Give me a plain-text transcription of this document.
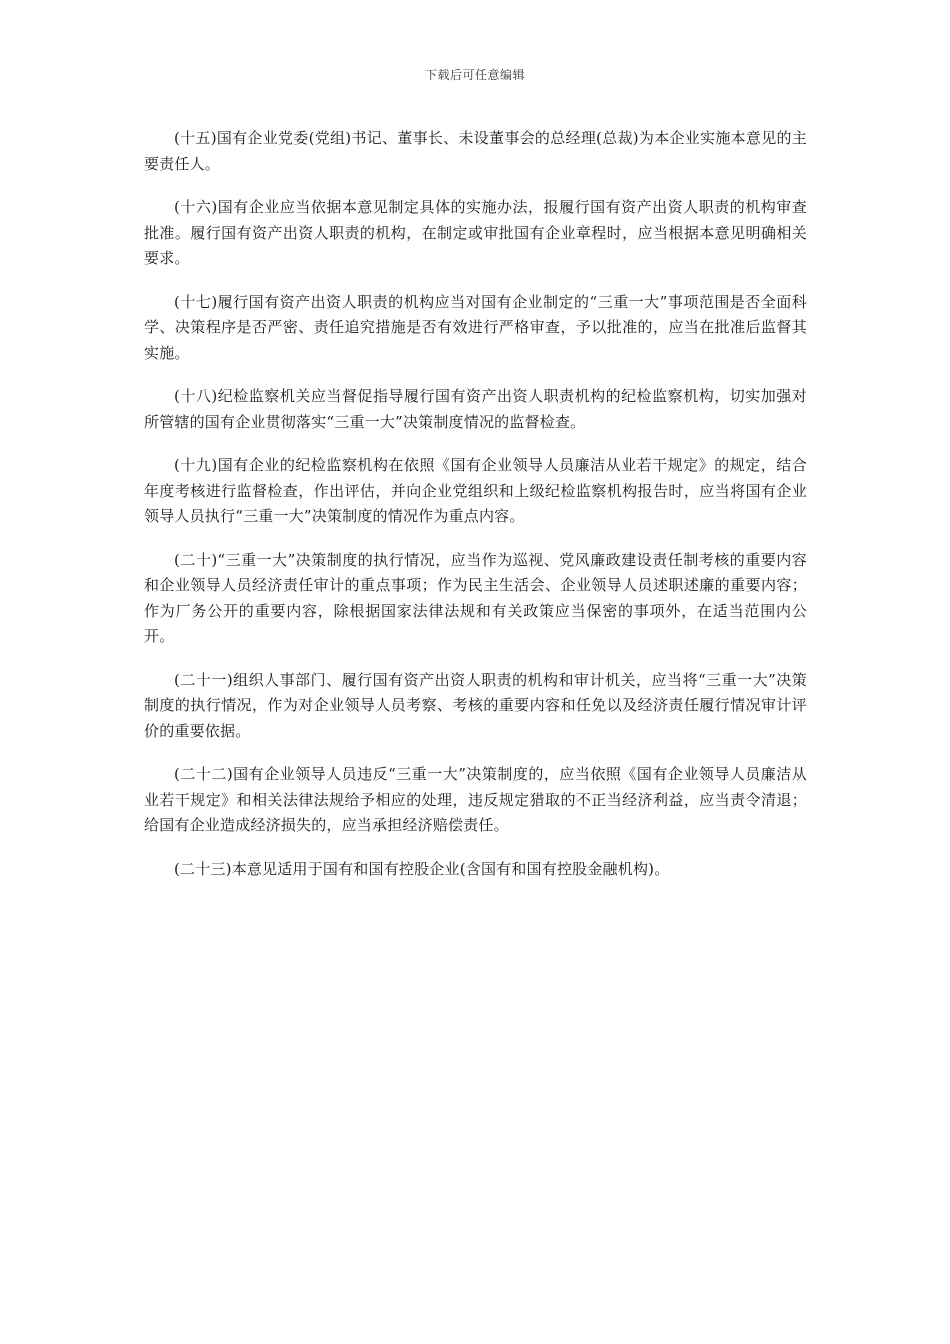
下载后可任意编辑

(十五)国有企业党委(党组)书记、董事长、未设董事会的总经理(总裁)为本企业实施本意见的主要责任人。

(十六)国有企业应当依据本意见制定具体的实施办法，报履行国有资产出资人职责的机构审查批准。履行国有资产出资人职责的机构，在制定或审批国有企业章程时，应当根据本意见明确相关要求。

(十七)履行国有资产出资人职责的机构应当对国有企业制定的“三重一大”事项范围是否全面科学、决策程序是否严密、责任追究措施是否有效进行严格审查，予以批准的，应当在批准后监督其实施。

(十八)纪检监察机关应当督促指导履行国有资产出资人职责机构的纪检监察机构，切实加强对所管辖的国有企业贯彻落实“三重一大”决策制度情况的监督检查。

(十九)国有企业的纪检监察机构在依照《国有企业领导人员廉洁从业若干规定》的规定，结合年度考核进行监督检查，作出评估，并向企业党组织和上级纪检监察机构报告时，应当将国有企业领导人员执行“三重一大”决策制度的情况作为重点内容。

(二十)“三重一大”决策制度的执行情况，应当作为巡视、党风廉政建设责任制考核的重要内容和企业领导人员经济责任审计的重点事项；作为民主生活会、企业领导人员述职述廉的重要内容；作为厂务公开的重要内容，除根据国家法律法规和有关政策应当保密的事项外，在适当范围内公开。

(二十一)组织人事部门、履行国有资产出资人职责的机构和审计机关，应当将“三重一大”决策制度的执行情况，作为对企业领导人员考察、考核的重要内容和任免以及经济责任履行情况审计评价的重要依据。

(二十二)国有企业领导人员违反“三重一大”决策制度的，应当依照《国有企业领导人员廉洁从业若干规定》和相关法律法规给予相应的处理，违反规定猎取的不正当经济利益，应当责令清退；给国有企业造成经济损失的，应当承担经济赔偿责任。

(二十三)本意见适用于国有和国有控股企业(含国有和国有控股金融机构)。
